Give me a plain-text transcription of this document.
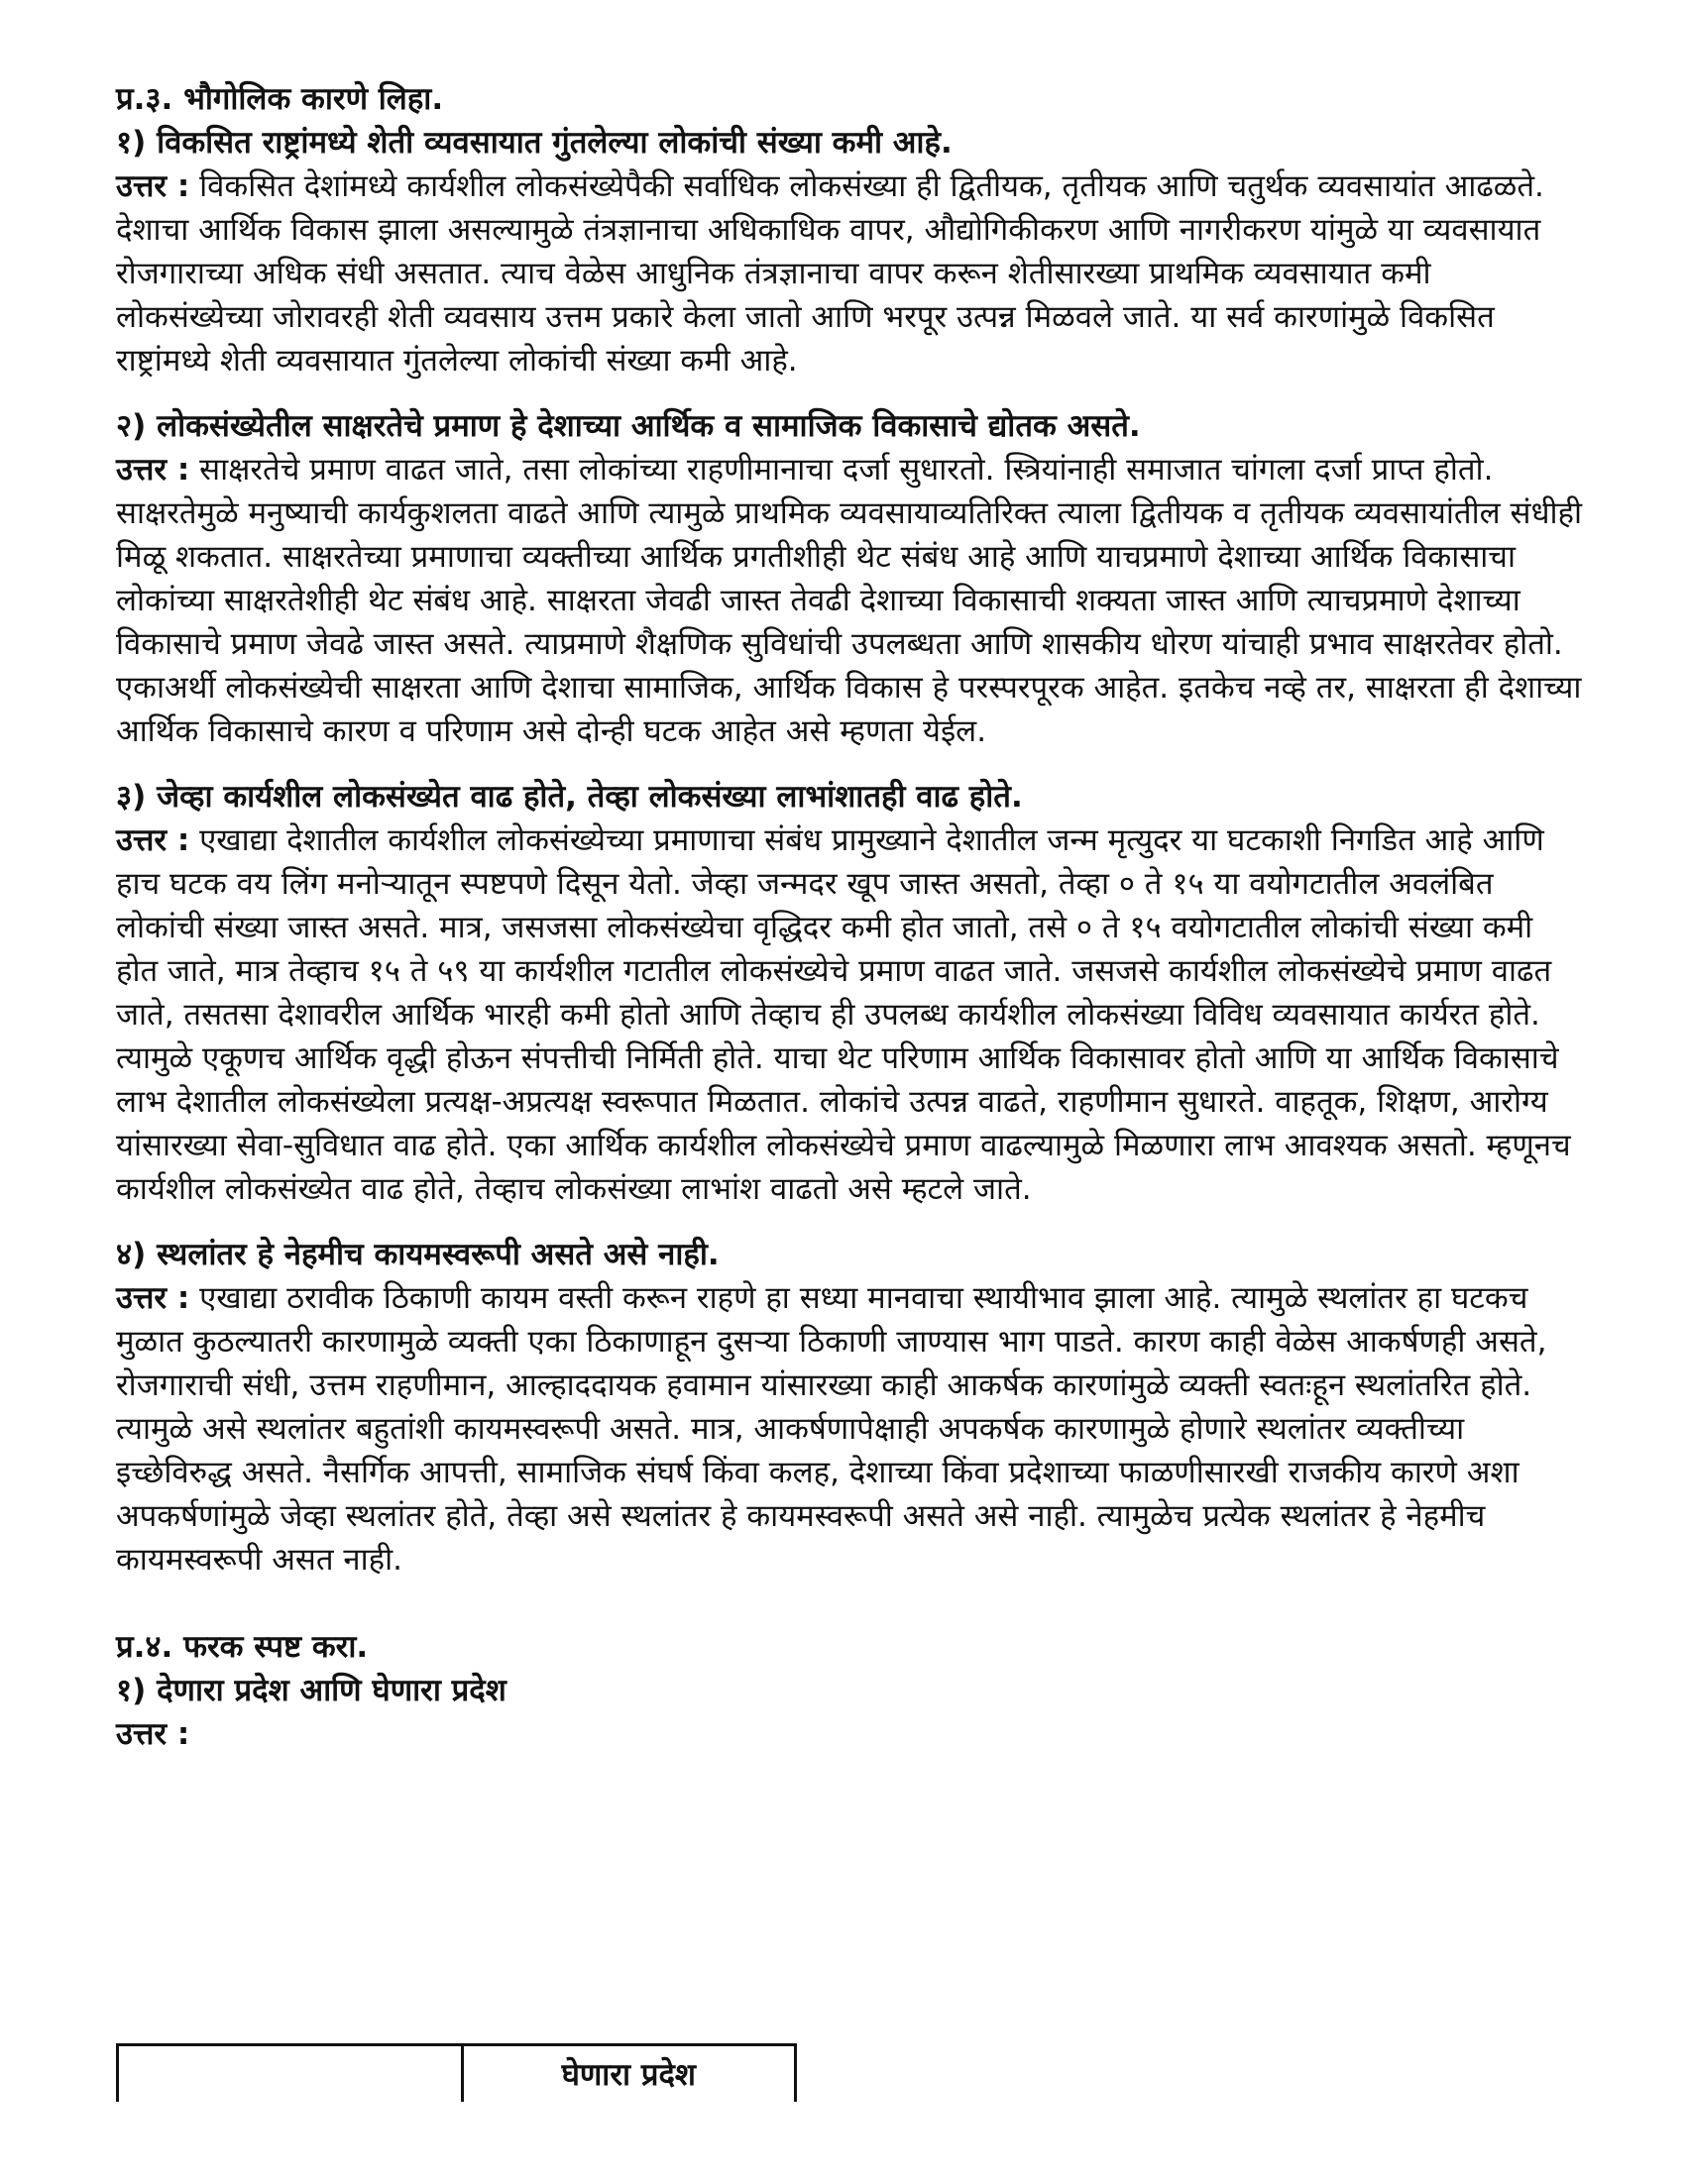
प्र.३. भौगोलिक कारणे लिहा.

१) विकसित राष्ट्रांमध्ये शेती व्यवसायात गुंतलेल्या लोकांची संख्या कमी आहे.

उत्तर : विकसित देशांमध्ये कार्यशील लोकसंख्येपैकी सर्वाधिक लोकसंख्या ही द्वितीयक, तृतीयक आणि चतुर्थक व्यवसायांत आढळते. देशाचा आर्थिक विकास झाला असल्यामुळे तंत्रज्ञानाचा अधिकाधिक वापर, औद्योगिकीकरण आणि नागरीकरण यांमुळे या व्यवसायात रोजगाराच्या अधिक संधी असतात. त्याच वेळेस आधुनिक तंत्रज्ञानाचा वापर करून शेतीसारख्या प्राथमिक व्यवसायात कमी लोकसंख्येच्या जोरावरही शेती व्यवसाय उत्तम प्रकारे केला जातो आणि भरपूर उत्पन्न मिळवले जाते. या सर्व कारणांमुळे विकसित राष्ट्रांमध्ये शेती व्यवसायात गुंतलेल्या लोकांची संख्या कमी आहे.

२) लोकसंख्येतील साक्षरतेचे प्रमाण हे देशाच्या आर्थिक व सामाजिक विकासाचे द्योतक असते.

उत्तर : साक्षरतेचे प्रमाण वाढत जाते, तसा लोकांच्या राहणीमानाचा दर्जा सुधारतो. स्त्रियांनाही समाजात चांगला दर्जा प्राप्त होतो. साक्षरतेमुळे मनुष्याची कार्यकुशलता वाढते आणि त्यामुळे प्राथमिक व्यवसायाव्यतिरिक्त त्याला द्वितीयक व तृतीयक व्यवसायांतील संधीही मिळू शकतात. साक्षरतेच्या प्रमाणाचा व्यक्तीच्या आर्थिक प्रगतीशीही थेट संबंध आहे आणि याचप्रमाणे देशाच्या आर्थिक विकासाचा लोकांच्या साक्षरतेशीही थेट संबंध आहे. साक्षरता जेवढी जास्त तेवढी देशाच्या विकासाची शक्यता जास्त आणि त्याचप्रमाणे देशाच्या विकासाचे प्रमाण जेवढे जास्त असते. त्याप्रमाणे शैक्षणिक सुविधांची उपलब्धता आणि शासकीय धोरण यांचाही प्रभाव साक्षरतेवर होतो. एकाअर्थी लोकसंख्येची साक्षरता आणि देशाचा सामाजिक, आर्थिक विकास हे परस्परपूरक आहेत. इतकेच नव्हे तर, साक्षरता ही देशाच्या आर्थिक विकासाचे कारण व परिणाम असे दोन्ही घटक आहेत असे म्हणता येईल.

३) जेव्हा कार्यशील लोकसंख्येत वाढ होते, तेव्हा लोकसंख्या लाभांशातही वाढ होते.

उत्तर : एखाद्या देशातील कार्यशील लोकसंख्येच्या प्रमाणाचा संबंध प्रामुख्याने देशातील जन्म मृत्युदर या घटकाशी निगडित आहे आणि हाच घटक वय लिंग मनोऱ्यातून स्पष्टपणे दिसून येतो. जेव्हा जन्मदर खूप जास्त असतो, तेव्हा ० ते १५ या वयोगटातील अवलंबित लोकांची संख्या जास्त असते. मात्र, जसजसा लोकसंख्येचा वृद्धिदर कमी होत जातो, तसे ० ते १५ वयोगटातील लोकांची संख्या कमी होत जाते, मात्र तेव्हाच १५ ते ५९ या कार्यशील गटातील लोकसंख्येचे प्रमाण वाढत जाते. जसजसे कार्यशील लोकसंख्येचे प्रमाण वाढत जाते, तसतसा देशावरील आर्थिक भारही कमी होतो आणि तेव्हाच ही उपलब्ध कार्यशील लोकसंख्या विविध व्यवसायात कार्यरत होते. त्यामुळे एकूणच आर्थिक वृद्धी होऊन संपत्तीची निर्मिती होते. याचा थेट परिणाम आर्थिक विकासावर होतो आणि या आर्थिक विकासाचे लाभ देशातील लोकसंख्येला प्रत्यक्ष-अप्रत्यक्ष स्वरूपात मिळतात. लोकांचे उत्पन्न वाढते, राहणीमान सुधारते. वाहतूक, शिक्षण, आरोग्य यांसारख्या सेवा-सुविधात वाढ होते. एका आर्थिक कार्यशील लोकसंख्येचे प्रमाण वाढल्यामुळे मिळणारा लाभ आवश्यक असतो. म्हणूनच कार्यशील लोकसंख्येत वाढ होते, तेव्हाच लोकसंख्या लाभांश वाढतो असे म्हटले जाते.

४) स्थलांतर हे नेहमीच कायमस्वरूपी असते असे नाही.

उत्तर : एखाद्या ठरावीक ठिकाणी कायम वस्ती करून राहणे हा सध्या मानवाचा स्थायीभाव झाला आहे. त्यामुळे स्थलांतर हा घटकच मुळात कुठल्यातरी कारणामुळे व्यक्ती एका ठिकाणाहून दुसऱ्या ठिकाणी जाण्यास भाग पाडते. कारण काही वेळेस आकर्षणही असते, रोजगाराची संधी, उत्तम राहणीमान, आल्हाददायक हवामान यांसारख्या काही आकर्षक कारणांमुळे व्यक्ती स्वतःहून स्थलांतरित होते. त्यामुळे असे स्थलांतर बहुतांशी कायमस्वरूपी असते. मात्र, आकर्षणापेक्षाही अपकर्षक कारणामुळे होणारे स्थलांतर व्यक्तीच्या इच्छेविरुद्ध असते. नैसर्गिक आपत्ती, सामाजिक संघर्ष किंवा कलह, देशाच्या किंवा प्रदेशाच्या फाळणीसारखी राजकीय कारणे अशा अपकर्षणांमुळे जेव्हा स्थलांतर होते, तेव्हा असे स्थलांतर हे कायमस्वरूपी असते असे नाही. त्यामुळेच प्रत्येक स्थलांतर हे नेहमीच कायमस्वरूपी असत नाही.

प्र.४. फरक स्पष्ट करा.

१) देणारा प्रदेश आणि घेणारा प्रदेश

उत्तर :

	घेणारा प्रदेश
